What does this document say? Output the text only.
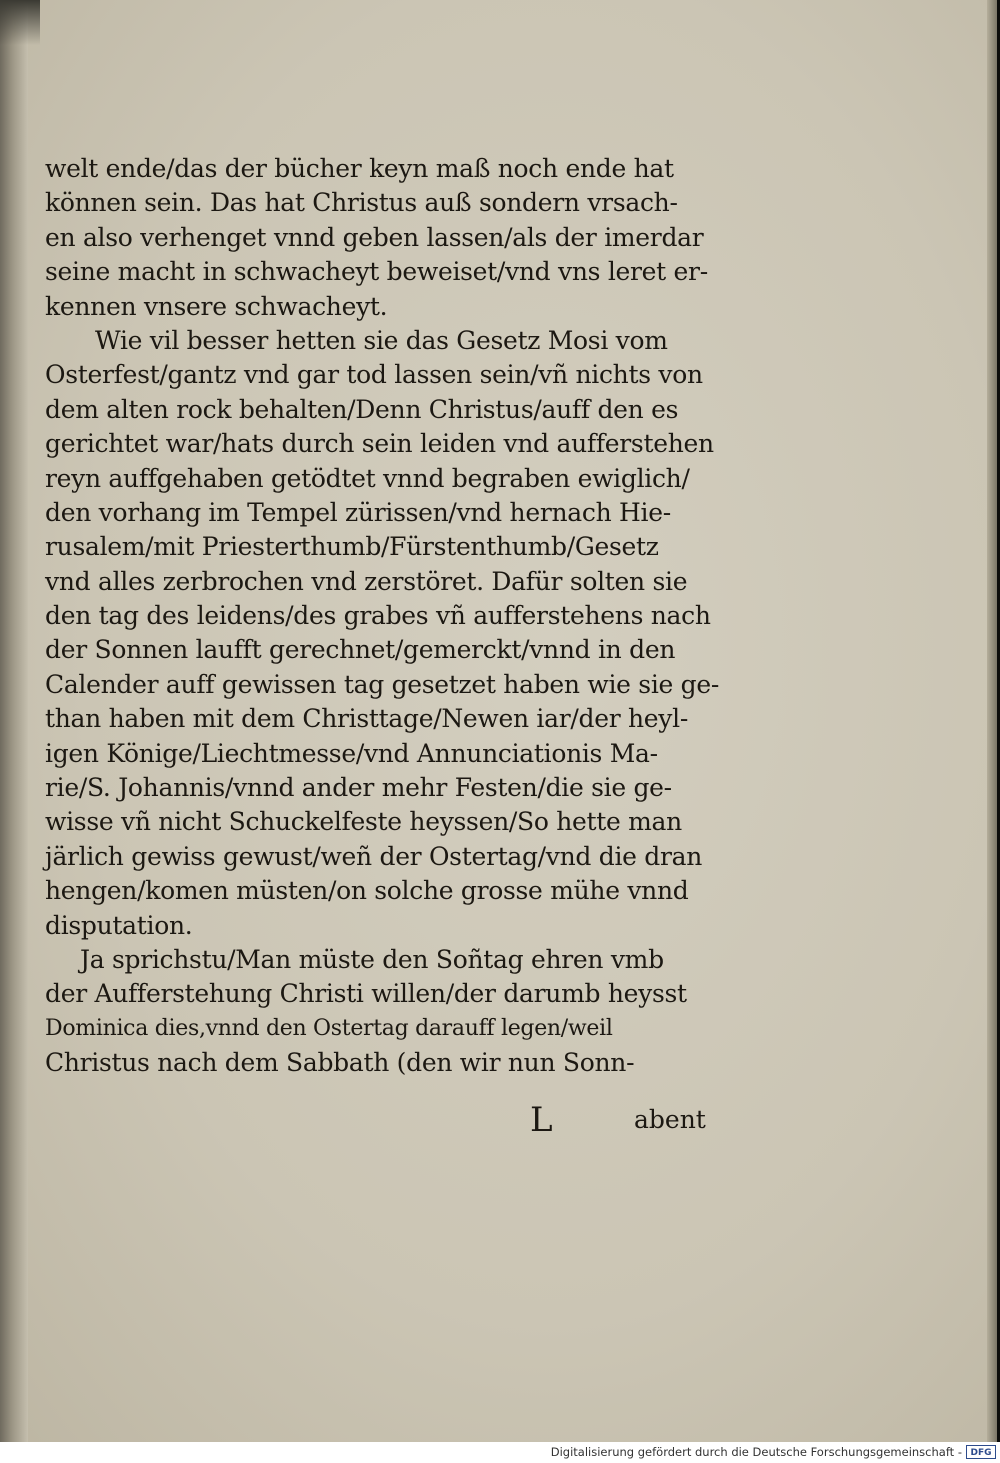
welt ende/das der bücher keyn maß noch ende hat
können sein. Das hat Christus auß sondern vrsach-
en also verhenget vnnd geben lassen/als der imerdar
seine macht in schwacheyt beweiset/vnd vns leret er-
kennen vnsere schwacheyt.
Wie vil besser hetten sie das Gesetz Mosi vom
Osterfest/gantz vnd gar tod lassen sein/vñ nichts von
dem alten rock behalten/Denn Christus/auff den es
gerichtet war/hats durch sein leiden vnd aufferstehen
reyn auffgehaben getödtet vnnd begraben ewiglich/
den vorhang im Tempel zürissen/vnd hernach Hie-
rusalem/mit Priesterthumb/Fürstenthumb/Gesetz
vnd alles zerbrochen vnd zerstöret. Dafür solten sie
den tag des leidens/des grabes vñ aufferstehens nach
der Sonnen laufft gerechnet/gemerckt/vnnd in den
Calender auff gewissen tag gesetzet haben wie sie ge-
than haben mit dem Christtage/Newen iar/der heyl-
igen Könige/Liechtmesse/vnd Annunciationis Ma-
rie/S. Johannis/vnnd ander mehr Festen/die sie ge-
wisse vñ nicht Schuckelfeste heyssen/So hette man
järlich gewiss gewust/weñ der Ostertag/vnd die dran
hengen/komen müsten/on solche grosse mühe vnnd
disputation.
Ja sprichstu/Man müste den Soñtag ehren vmb
der Aufferstehung Christi willen/der darumb heysst
Dominica dies,vnnd den Ostertag darauff legen/weil
Christus nach dem Sabbath (den wir nun Sonn-
L	abent
Digitalisierung gefördert durch die Deutsche Forschungsgemeinschaft - DFG
